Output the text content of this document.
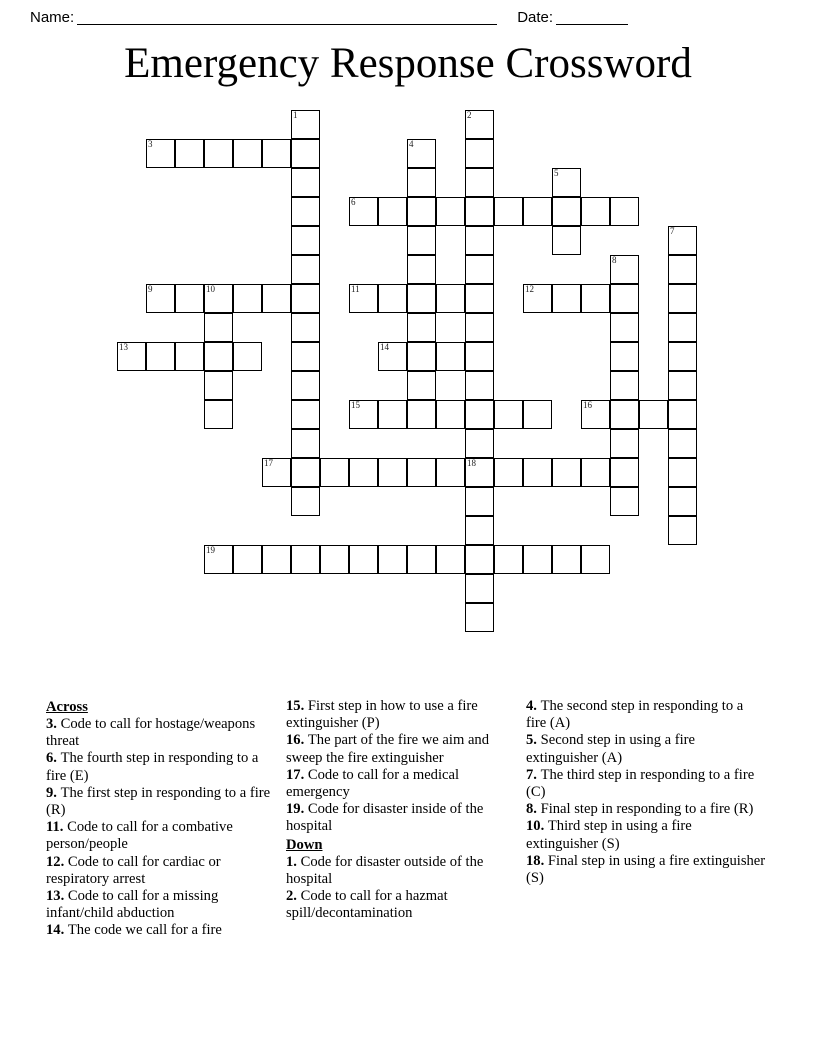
Name:	Date:
Emergency Response Crossword
1	2
3	4
5
6
7
8
9	10	11	12
13	14
15	16
17	18
19
Across
3. Code to call for hostage/weapons threat
6. The fourth step in responding to a fire (E)
9. The first step in responding to a fire (R)
11. Code to call for a combative person/people
12. Code to call for cardiac or respiratory arrest
13. Code to call for a missing infant/child abduction
14. The code we call for a fire
15. First step in how to use a fire extinguisher (P)
16. The part of the fire we aim and sweep the fire extinguisher
17. Code to call for a medical emergency
19. Code for disaster inside of the hospital
Down
1. Code for disaster outside of the hospital
2. Code to call for a hazmat spill/decontamination
4. The second step in responding to a fire (A)
5. Second step in using a fire extinguisher (A)
7. The third step in responding to a fire (C)
8. Final step in responding to a fire (R)
10. Third step in using a fire extinguisher (S)
18. Final step in using a fire extinguisher (S)
